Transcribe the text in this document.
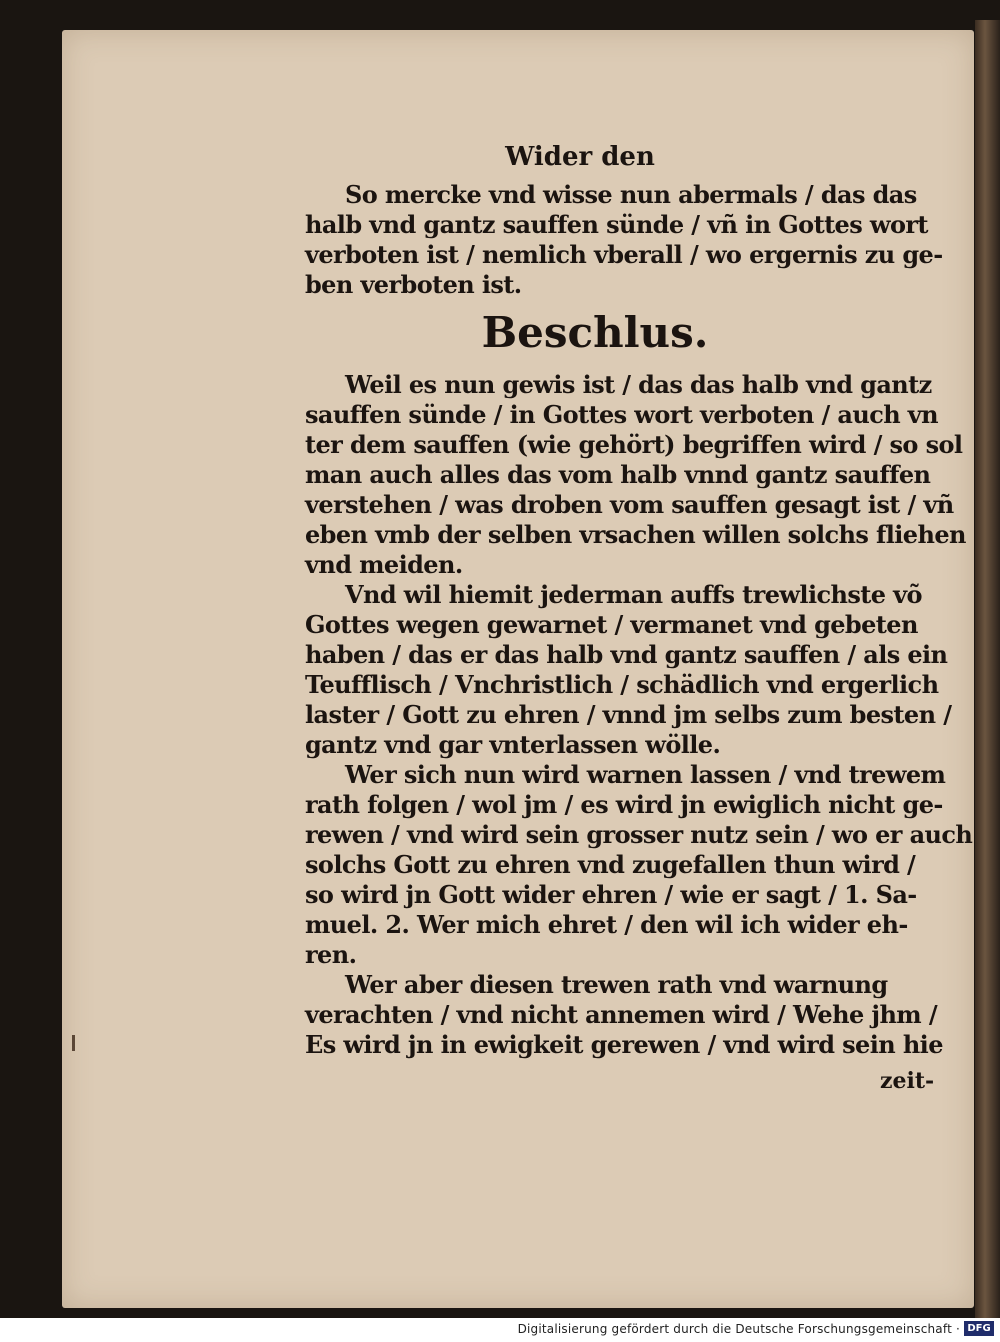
Wider den
So mercke vnd wisse nun abermals / das das
halb vnd gantz sauffen sünde / vñ in Gottes wort
verboten ist / nemlich vberall / wo ergernis zu ge-
ben verboten ist.
Beschlus.
Weil es nun gewis ist / das das halb vnd gantz
sauffen sünde / in Gottes wort verboten / auch vn
ter dem sauffen (wie gehört) begriffen wird / so sol
man auch alles das vom halb vnnd gantz sauffen
verstehen / was droben vom sauffen gesagt ist / vñ
eben vmb der selben vrsachen willen solchs fliehen
vnd meiden.
Vnd wil hiemit jederman auffs trewlichste võ
Gottes wegen gewarnet / vermanet vnd gebeten
haben / das er das halb vnd gantz sauffen / als ein
Teufflisch / Vnchristlich / schädlich vnd ergerlich
laster / Gott zu ehren / vnnd jm selbs zum besten /
gantz vnd gar vnterlassen wölle.
Wer sich nun wird warnen lassen / vnd trewem
rath folgen / wol jm / es wird jn ewiglich nicht ge-
rewen / vnd wird sein grosser nutz sein / wo er auch
solchs Gott zu ehren vnd zugefallen thun wird /
so wird jn Gott wider ehren / wie er sagt / 1. Sa-
muel. 2. Wer mich ehret / den wil ich wider eh-
ren.
Wer aber diesen trewen rath vnd warnung
verachten / vnd nicht annemen wird / Wehe jhm /
Es wird jn in ewigkeit gerewen / vnd wird sein hie
zeit-
Digitalisierung gefördert durch die Deutsche Forschungsgemeinschaft · DFG
